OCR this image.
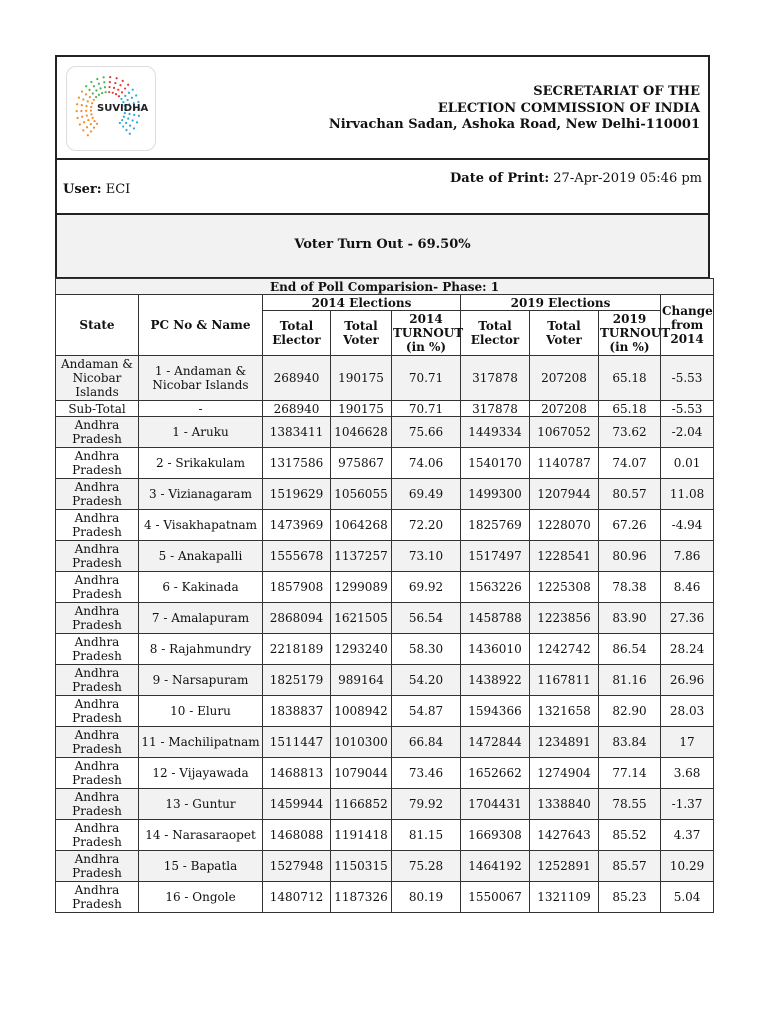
SUVIDHA
SECRETARIAT OF THE
ELECTION COMMISSION OF INDIA
Nirvachan Sadan, Ashoka Road, New Delhi-110001
User: ECI
Date of Print: 27-Apr-2019 05:46 pm
Voter Turn Out - 69.50%
End of Poll Comparision- Phase: 1								
State	PC No & Name	2014 Elections			2019 Elections			Change from 2014
		Total Elector	Total Voter	2014 TURNOUT (in %)	Total Elector	Total Voter	2019 TURNOUT (in %)	
Andaman & Nicobar Islands	1 - Andaman & Nicobar Islands	268940	190175	70.71	317878	207208	65.18	-5.53
Sub-Total	-	268940	190175	70.71	317878	207208	65.18	-5.53
Andhra Pradesh	1 - Aruku	1383411	1046628	75.66	1449334	1067052	73.62	-2.04
Andhra Pradesh	2 - Srikakulam	1317586	975867	74.06	1540170	1140787	74.07	0.01
Andhra Pradesh	3 - Vizianagaram	1519629	1056055	69.49	1499300	1207944	80.57	11.08
Andhra Pradesh	4 - Visakhapatnam	1473969	1064268	72.20	1825769	1228070	67.26	-4.94
Andhra Pradesh	5 - Anakapalli	1555678	1137257	73.10	1517497	1228541	80.96	7.86
Andhra Pradesh	6 - Kakinada	1857908	1299089	69.92	1563226	1225308	78.38	8.46
Andhra Pradesh	7 - Amalapuram	2868094	1621505	56.54	1458788	1223856	83.90	27.36
Andhra Pradesh	8 - Rajahmundry	2218189	1293240	58.30	1436010	1242742	86.54	28.24
Andhra Pradesh	9 - Narsapuram	1825179	989164	54.20	1438922	1167811	81.16	26.96
Andhra Pradesh	10 - Eluru	1838837	1008942	54.87	1594366	1321658	82.90	28.03
Andhra Pradesh	11 - Machilipatnam	1511447	1010300	66.84	1472844	1234891	83.84	17
Andhra Pradesh	12 - Vijayawada	1468813	1079044	73.46	1652662	1274904	77.14	3.68
Andhra Pradesh	13 - Guntur	1459944	1166852	79.92	1704431	1338840	78.55	-1.37
Andhra Pradesh	14 - Narasaraopet	1468088	1191418	81.15	1669308	1427643	85.52	4.37
Andhra Pradesh	15 - Bapatla	1527948	1150315	75.28	1464192	1252891	85.57	10.29
Andhra Pradesh	16 - Ongole	1480712	1187326	80.19	1550067	1321109	85.23	5.04
